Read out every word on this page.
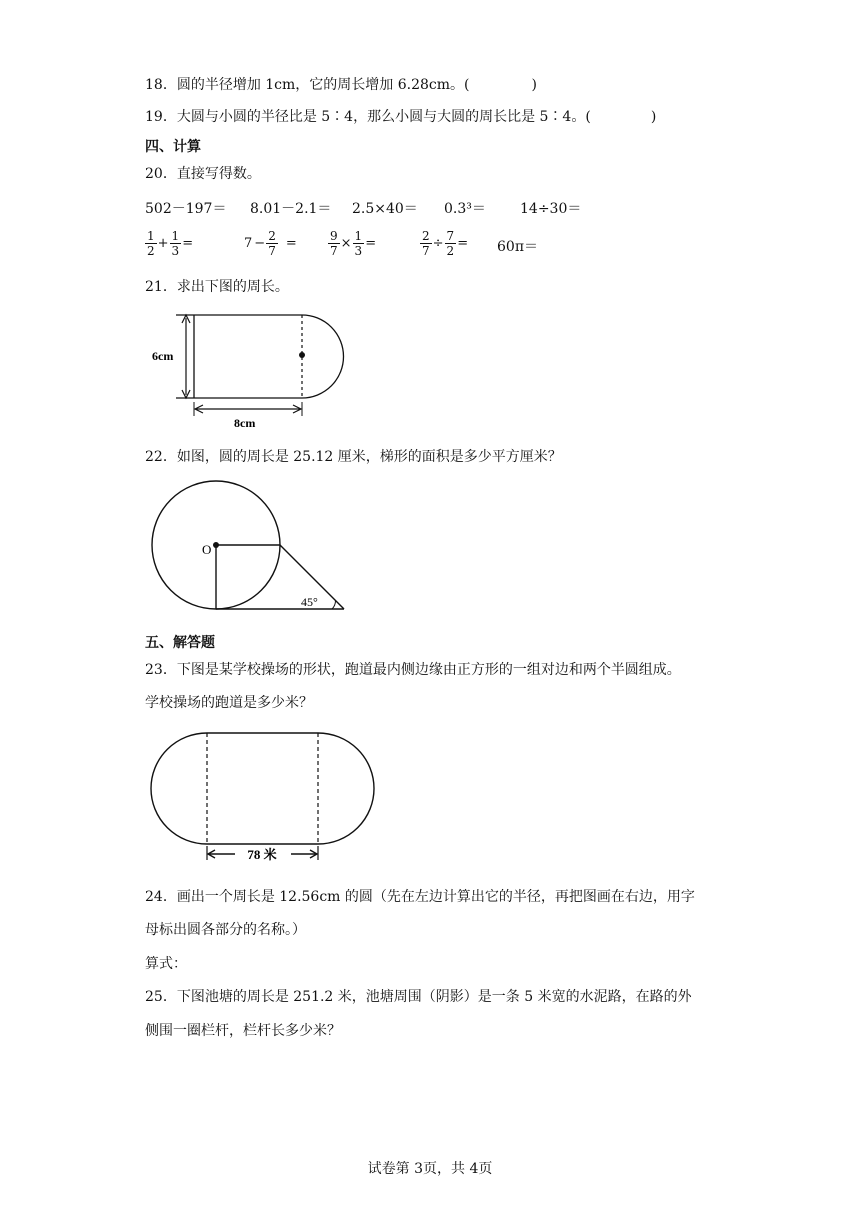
18．圆的半径增加 1cm，它的周长增加 6.28cm。(	)
19．大圆与小圆的半径比是 5∶4，那么小圆与大圆的周长比是 5∶4。(	)
四、计算
20．直接写得数。
502－197＝ 8.01－2.1＝ 2.5×40＝ 0.3³＝ 14÷30＝
$\frac{1}{2} + \frac{1}{3}$ =	$7 - \frac{2}{7}$ =	$\frac{9}{7} \times \frac{1}{3}$ =	$\frac{2}{7} \div \frac{7}{2} = 60\pi=$
21．求出下图的周长。
6cm
8cm
22．如图，圆的周长是 25.12 厘米，梯形的面积是多少平方厘米？
O
45°
五、解答题
23．下图是某学校操场的形状，跑道最内侧边缘由正方形的一组对边和两个半圆组成。
学校操场的跑道是多少米？
78 米
24．画出一个周长是 12.56cm 的圆（先在左边计算出它的半径，再把图画在右边，用字
母标出圆各部分的名称。）
算式：
25．下图池塘的周长是 251.2 米，池塘周围（阴影）是一条 5 米宽的水泥路，在路的外
侧围一圈栏杆，栏杆长多少米？
试卷第 3页，共 4页
